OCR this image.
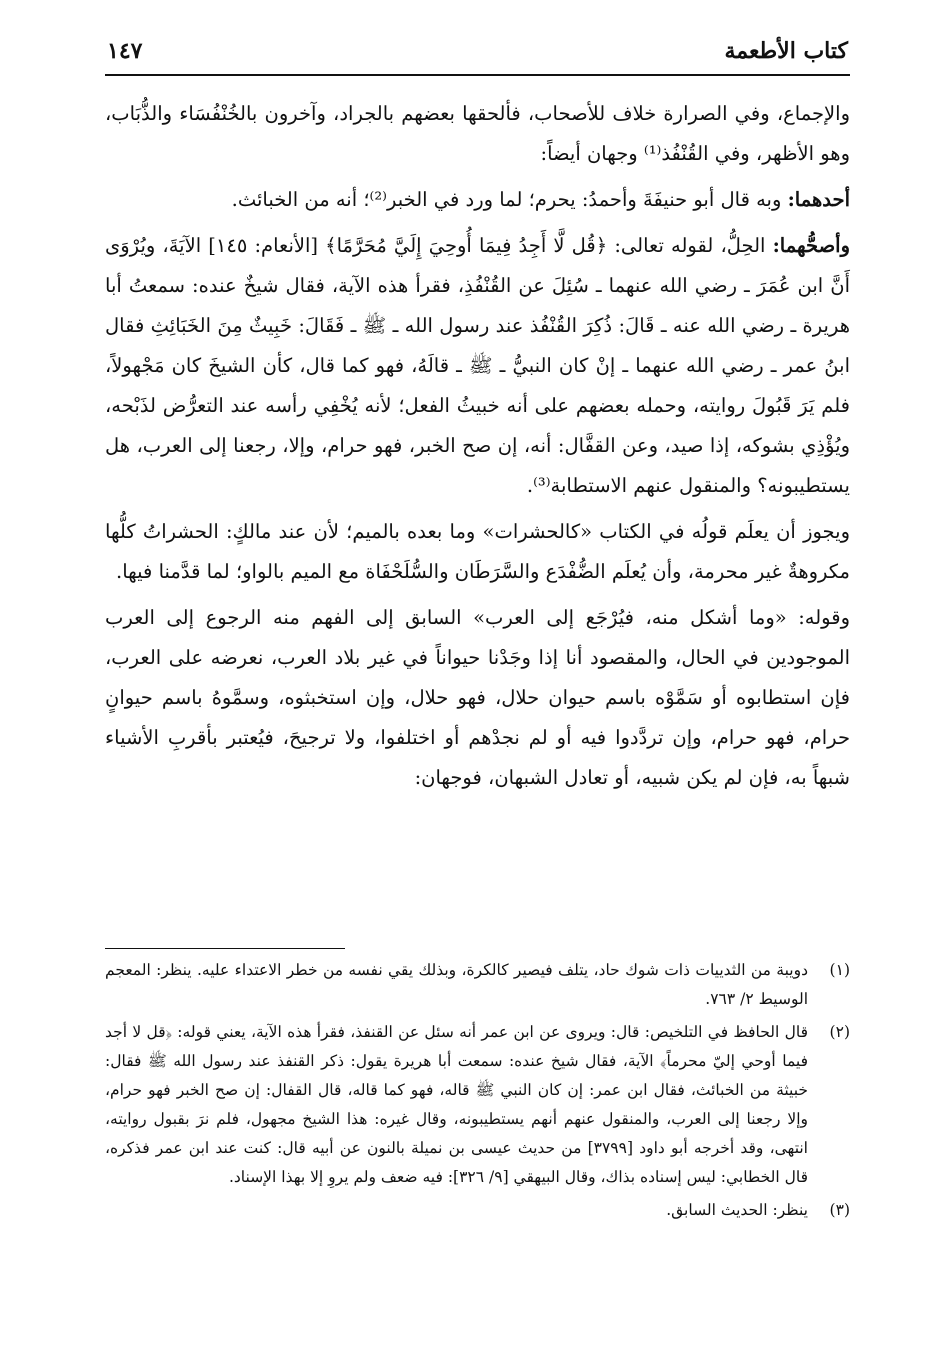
كتاب الأطعمة
١٤٧

والإجماع، وفي الصرارة خلاف للأصحاب، فألحقها بعضهم بالجراد، وآخرون بالخُنْفُسَاء والذُّبَاب، وهو الأظهر، وفي القُنْفُذ⁽¹⁾ وجهان أيضاً:

أحدهما: وبه قال أبو حنيفَةَ وأحمدُ: يحرم؛ لما ورد في الخبر⁽²⁾؛ أنه من الخبائث.

وأصحُّهما: الحِلُّ، لقوله تعالى: ﴿قُل لَّا أَجِدُ فِيمَا أُوحِيَ إِلَيَّ مُحَرَّمًا﴾ [الأنعام: ١٤٥] الآيَةَ، ويُرْوَى أَنَّ ابن عُمَرَ ـ رضي الله عنهما ـ سُئِلَ عن القُنْفُذِ، فقرأ هذه الآية، فقال شيخٌ عنده: سمعتُ أبا هريرة ـ رضي الله عنه ـ قَالَ: ذُكِرَ القُنْفُذ عند رسول الله ـ ﷺ ـ فَقَالَ: خَبِيثٌ مِنَ الخَبَائِثِ فقال ابنُ عمر ـ رضي الله عنهما ـ إنْ كان النبيُّ ـ ﷺ ـ قالَهُ، فهو كما قال، كأن الشيخَ كان مَجْهولاً، فلم يَرَ قَبُولَ روايته، وحمله بعضهم على أنه خبيثُ الفعل؛ لأنه يُخْفِي رأسه عند التعرُّض لذَبْحه، ويُؤْذِي بشوكه، إذا صيد، وعن القفَّال: أنه، إن صح الخبر، فهو حرام، وإلا، رجعنا إلى العرب، هل يستطيبونه؟ والمنقول عنهم الاستطابة⁽³⁾.

ويجوز أن يعلَم قولُه في الكتاب «كالحشرات» وما بعده بالميم؛ لأن عند مالكٍ: الحشراتُ كلُّها مكروهةٌ غير محرمة، وأن يُعلَم الضُّفْدَع والسَّرَطَان والسُّلَحْفَاة مع الميم بالواو؛ لما قدَّمنا فيها.

وقوله: «وما أشكل منه، فيُرْجَع إلى العرب» السابق إلى الفهم منه الرجوع إلى العرب الموجودين في الحال، والمقصود أنا إذا وجَدْنا حيواناً في غير بلاد العرب، نعرضه على العرب، فإن استطابوه أو سَمَّوْه باسم حيوان حلال، فهو حلال، وإن استخبثوه، وسمَّوهُ باسم حيوانٍ حرام، فهو حرام، وإن تردَّدوا فيه أو لم نجدْهم أو اختلفوا، ولا ترجيحَ، فيُعتبر بأقربِ الأشياء شبهاً به، فإن لم يكن شبيه، أو تعادل الشبهان، فوجهان:

(١)
دويبة من الثدييات ذات شوك حاد، يتلف فيصير كالكرة، وبذلك يقي نفسه من خطر الاعتداء عليه. ينظر: المعجم الوسيط ٢/ ٧٦٣.
(٢)
قال الحافظ في التلخيص: قال: ويروى عن ابن عمر أنه سئل عن القنفذ، فقرأ هذه الآية، يعني قوله: ﴿قل لا أجد فيما أوحي إليّ محرماً﴾ الآية، فقال شيخ عنده: سمعت أبا هريرة يقول: ذكر القنفذ عند رسول الله ﷺ فقال: خبيثة من الخبائث، فقال ابن عمر: إن كان النبي ﷺ قاله، فهو كما قاله، قال القفال: إن صح الخبر فهو حرام، وإلا رجعنا إلى العرب، والمنقول عنهم أنهم يستطيبونه، وقال غيره: هذا الشيخ مجهول، فلم نرَ بقبول روايته، انتهى، وقد أخرجه أبو داود [٣٧٩٩] من حديث عيسى بن نميلة بالنون عن أبيه قال: كنت عند ابن عمر فذكره، قال الخطابي: ليس إسناده بذاك، وقال البيهقي [٩/ ٣٢٦]: فيه ضعف ولم يروِ إلا بهذا الإسناد.
(٣)
ينظر: الحديث السابق.
